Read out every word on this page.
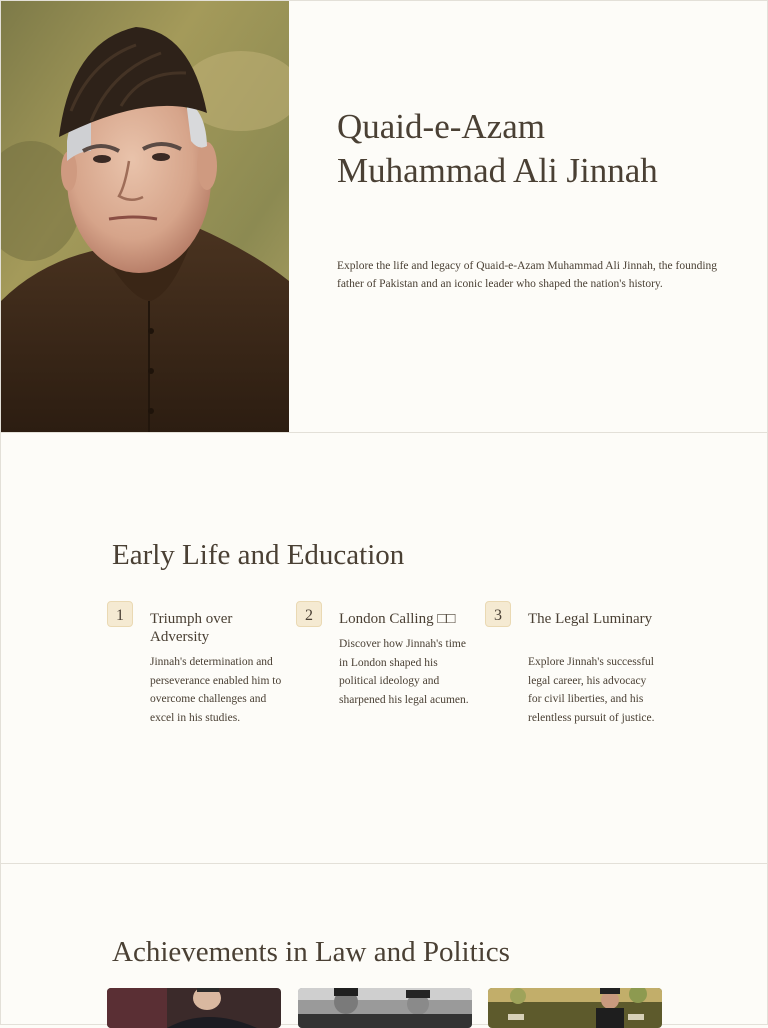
Quaid-e-Azam
Muhammad Ali Jinnah

Explore the life and legacy of Quaid-e-Azam Muhammad Ali Jinnah, the founding father of Pakistan and an iconic leader who shaped the nation's history.

Early Life and Education
1	Triumph over Adversity

Jinnah's determination and perseverance enabled him to overcome challenges and excel in his studies.

2	London Calling □□

Discover how Jinnah's time in London shaped his political ideology and sharpened his legal acumen.

3	The Legal Luminary

Explore Jinnah's successful legal career, his advocacy for civil liberties, and his relentless pursuit of justice.

Achievements in Law and Politics
